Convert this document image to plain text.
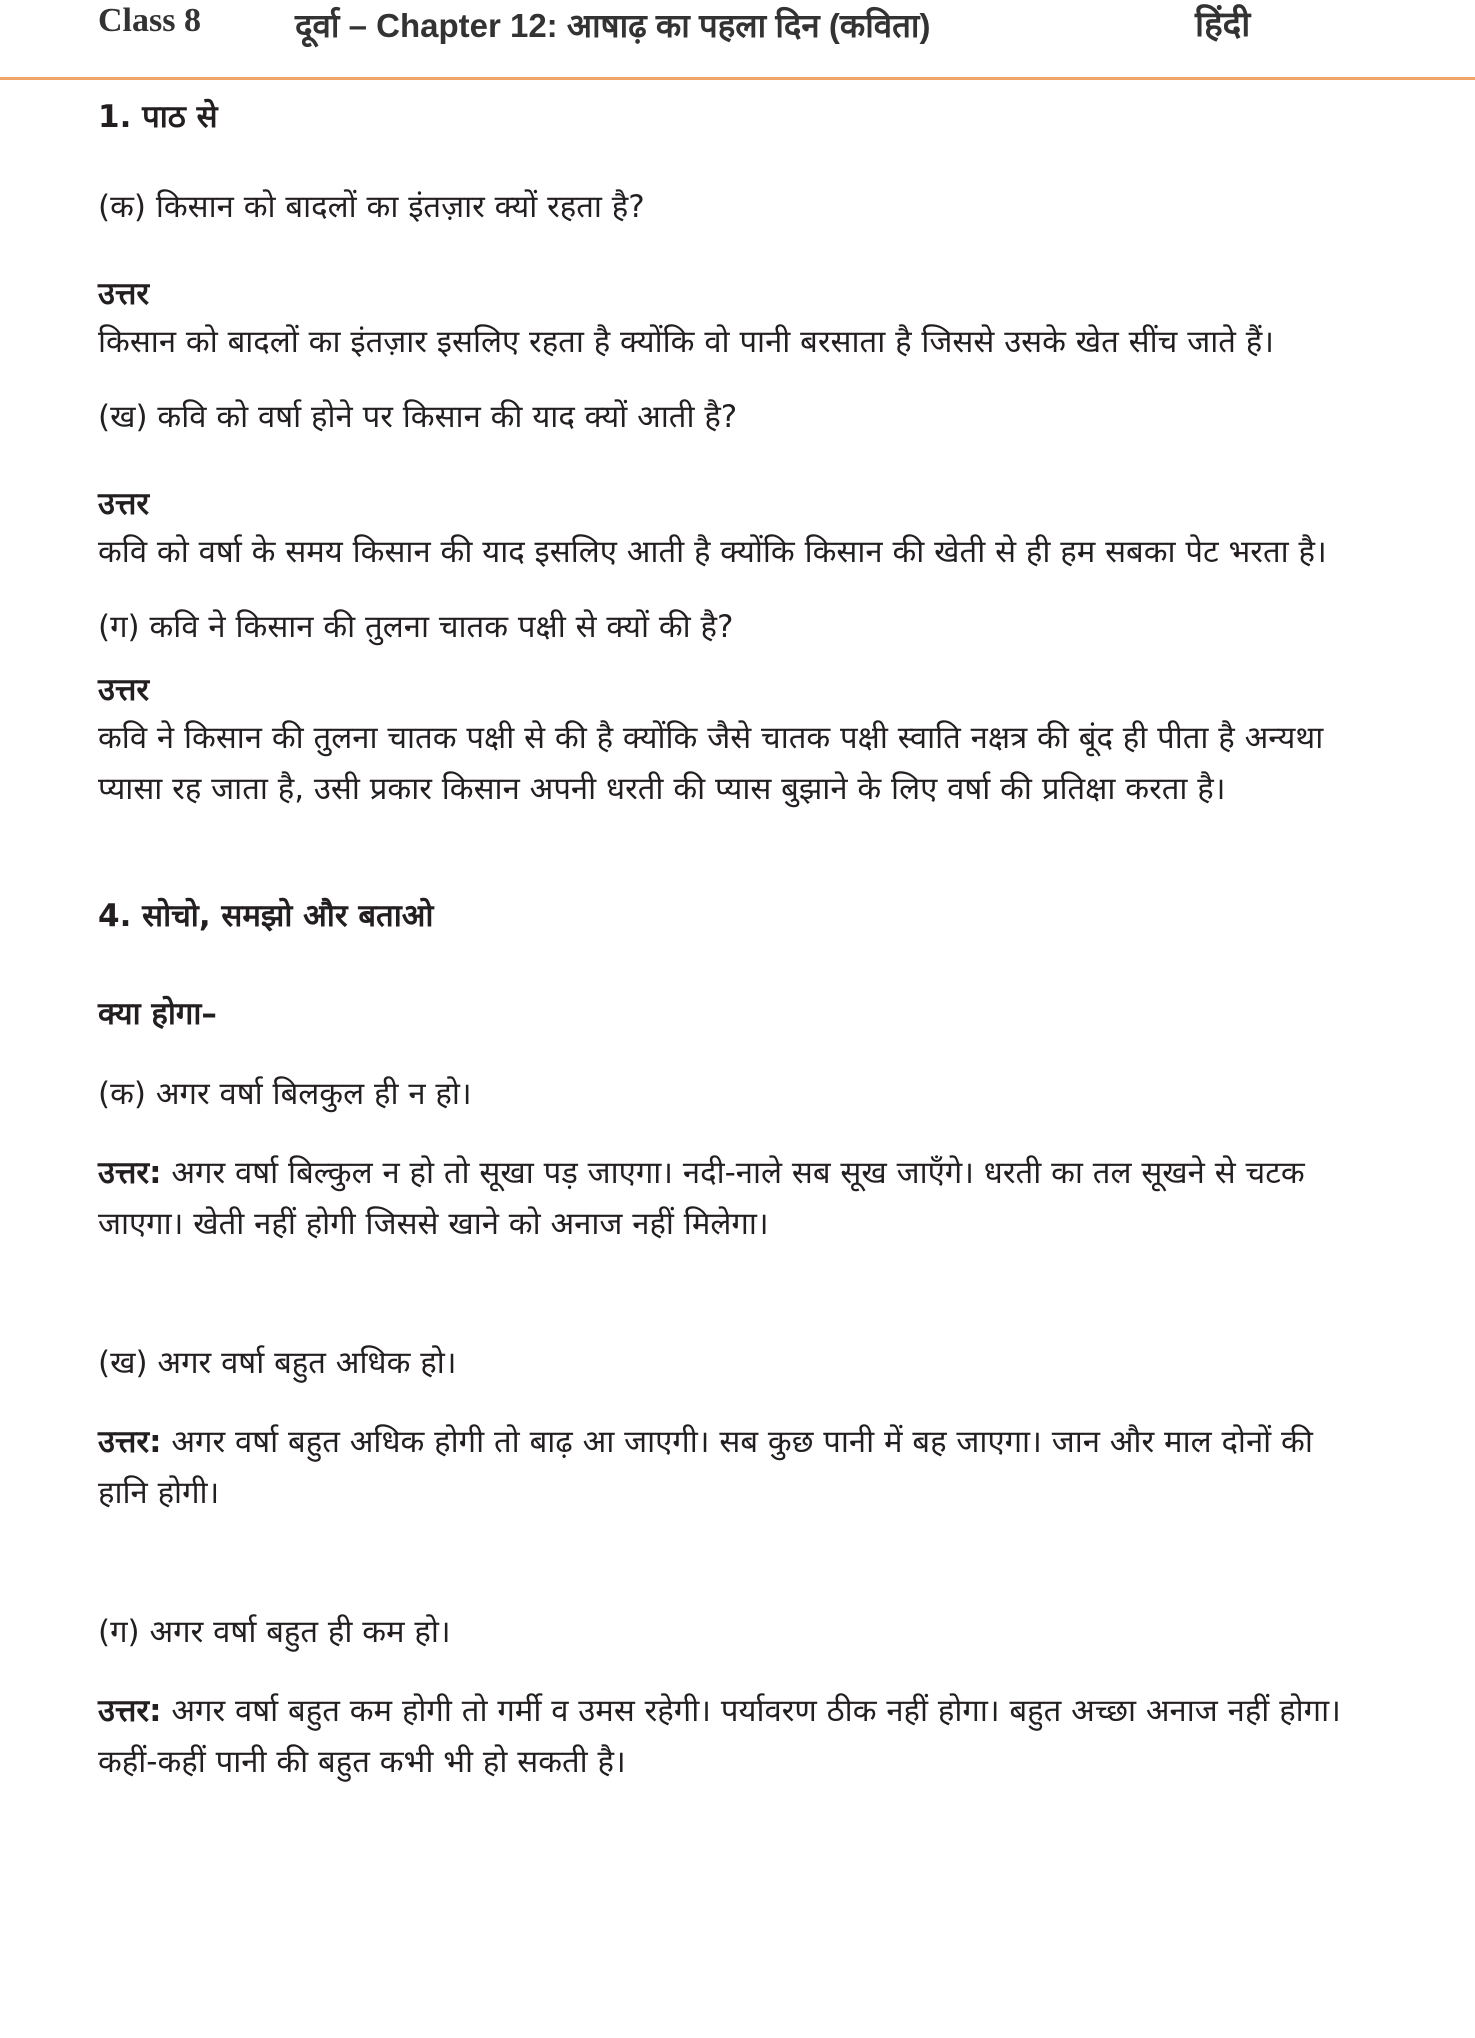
Class 8	दूर्वा – Chapter 12: आषाढ़ का पहला दिन (कविता)	हिंदी

1. पाठ से

(क) किसान को बादलों का इंतज़ार क्यों रहता है?

उत्तर

किसान को बादलों का इंतज़ार इसलिए रहता है क्योंकि वो पानी बरसाता है जिससे उसके खेत सींच जाते हैं।

(ख) कवि को वर्षा होने पर किसान की याद क्यों आती है?

उत्तर

कवि को वर्षा के समय किसान की याद इसलिए आती है क्योंकि किसान की खेती से ही हम सबका पेट भरता है।

(ग) कवि ने किसान की तुलना चातक पक्षी से क्यों की है?

उत्तर

कवि ने किसान की तुलना चातक पक्षी से की है क्योंकि जैसे चातक पक्षी स्वाति नक्षत्र की बूंद ही पीता है अन्यथा प्यासा रह जाता है, उसी प्रकार किसान अपनी धरती की प्यास बुझाने के लिए वर्षा की प्रतिक्षा करता है।

4. सोचो, समझो और बताओ

क्या होगा–

(क) अगर वर्षा बिलकुल ही न हो।

उत्तर: अगर वर्षा बिल्कुल न हो तो सूखा पड़ जाएगा। नदी-नाले सब सूख जाएँगे। धरती का तल सूखने से चटक जाएगा। खेती नहीं होगी जिससे खाने को अनाज नहीं मिलेगा।

(ख) अगर वर्षा बहुत अधिक हो।

उत्तर: अगर वर्षा बहुत अधिक होगी तो बाढ़ आ जाएगी। सब कुछ पानी में बह जाएगा। जान और माल दोनों की हानि होगी।

(ग) अगर वर्षा बहुत ही कम हो।

उत्तर: अगर वर्षा बहुत कम होगी तो गर्मी व उमस रहेगी। पर्यावरण ठीक नहीं होगा। बहुत अच्छा अनाज नहीं होगा। कहीं-कहीं पानी की बहुत कभी भी हो सकती है।
